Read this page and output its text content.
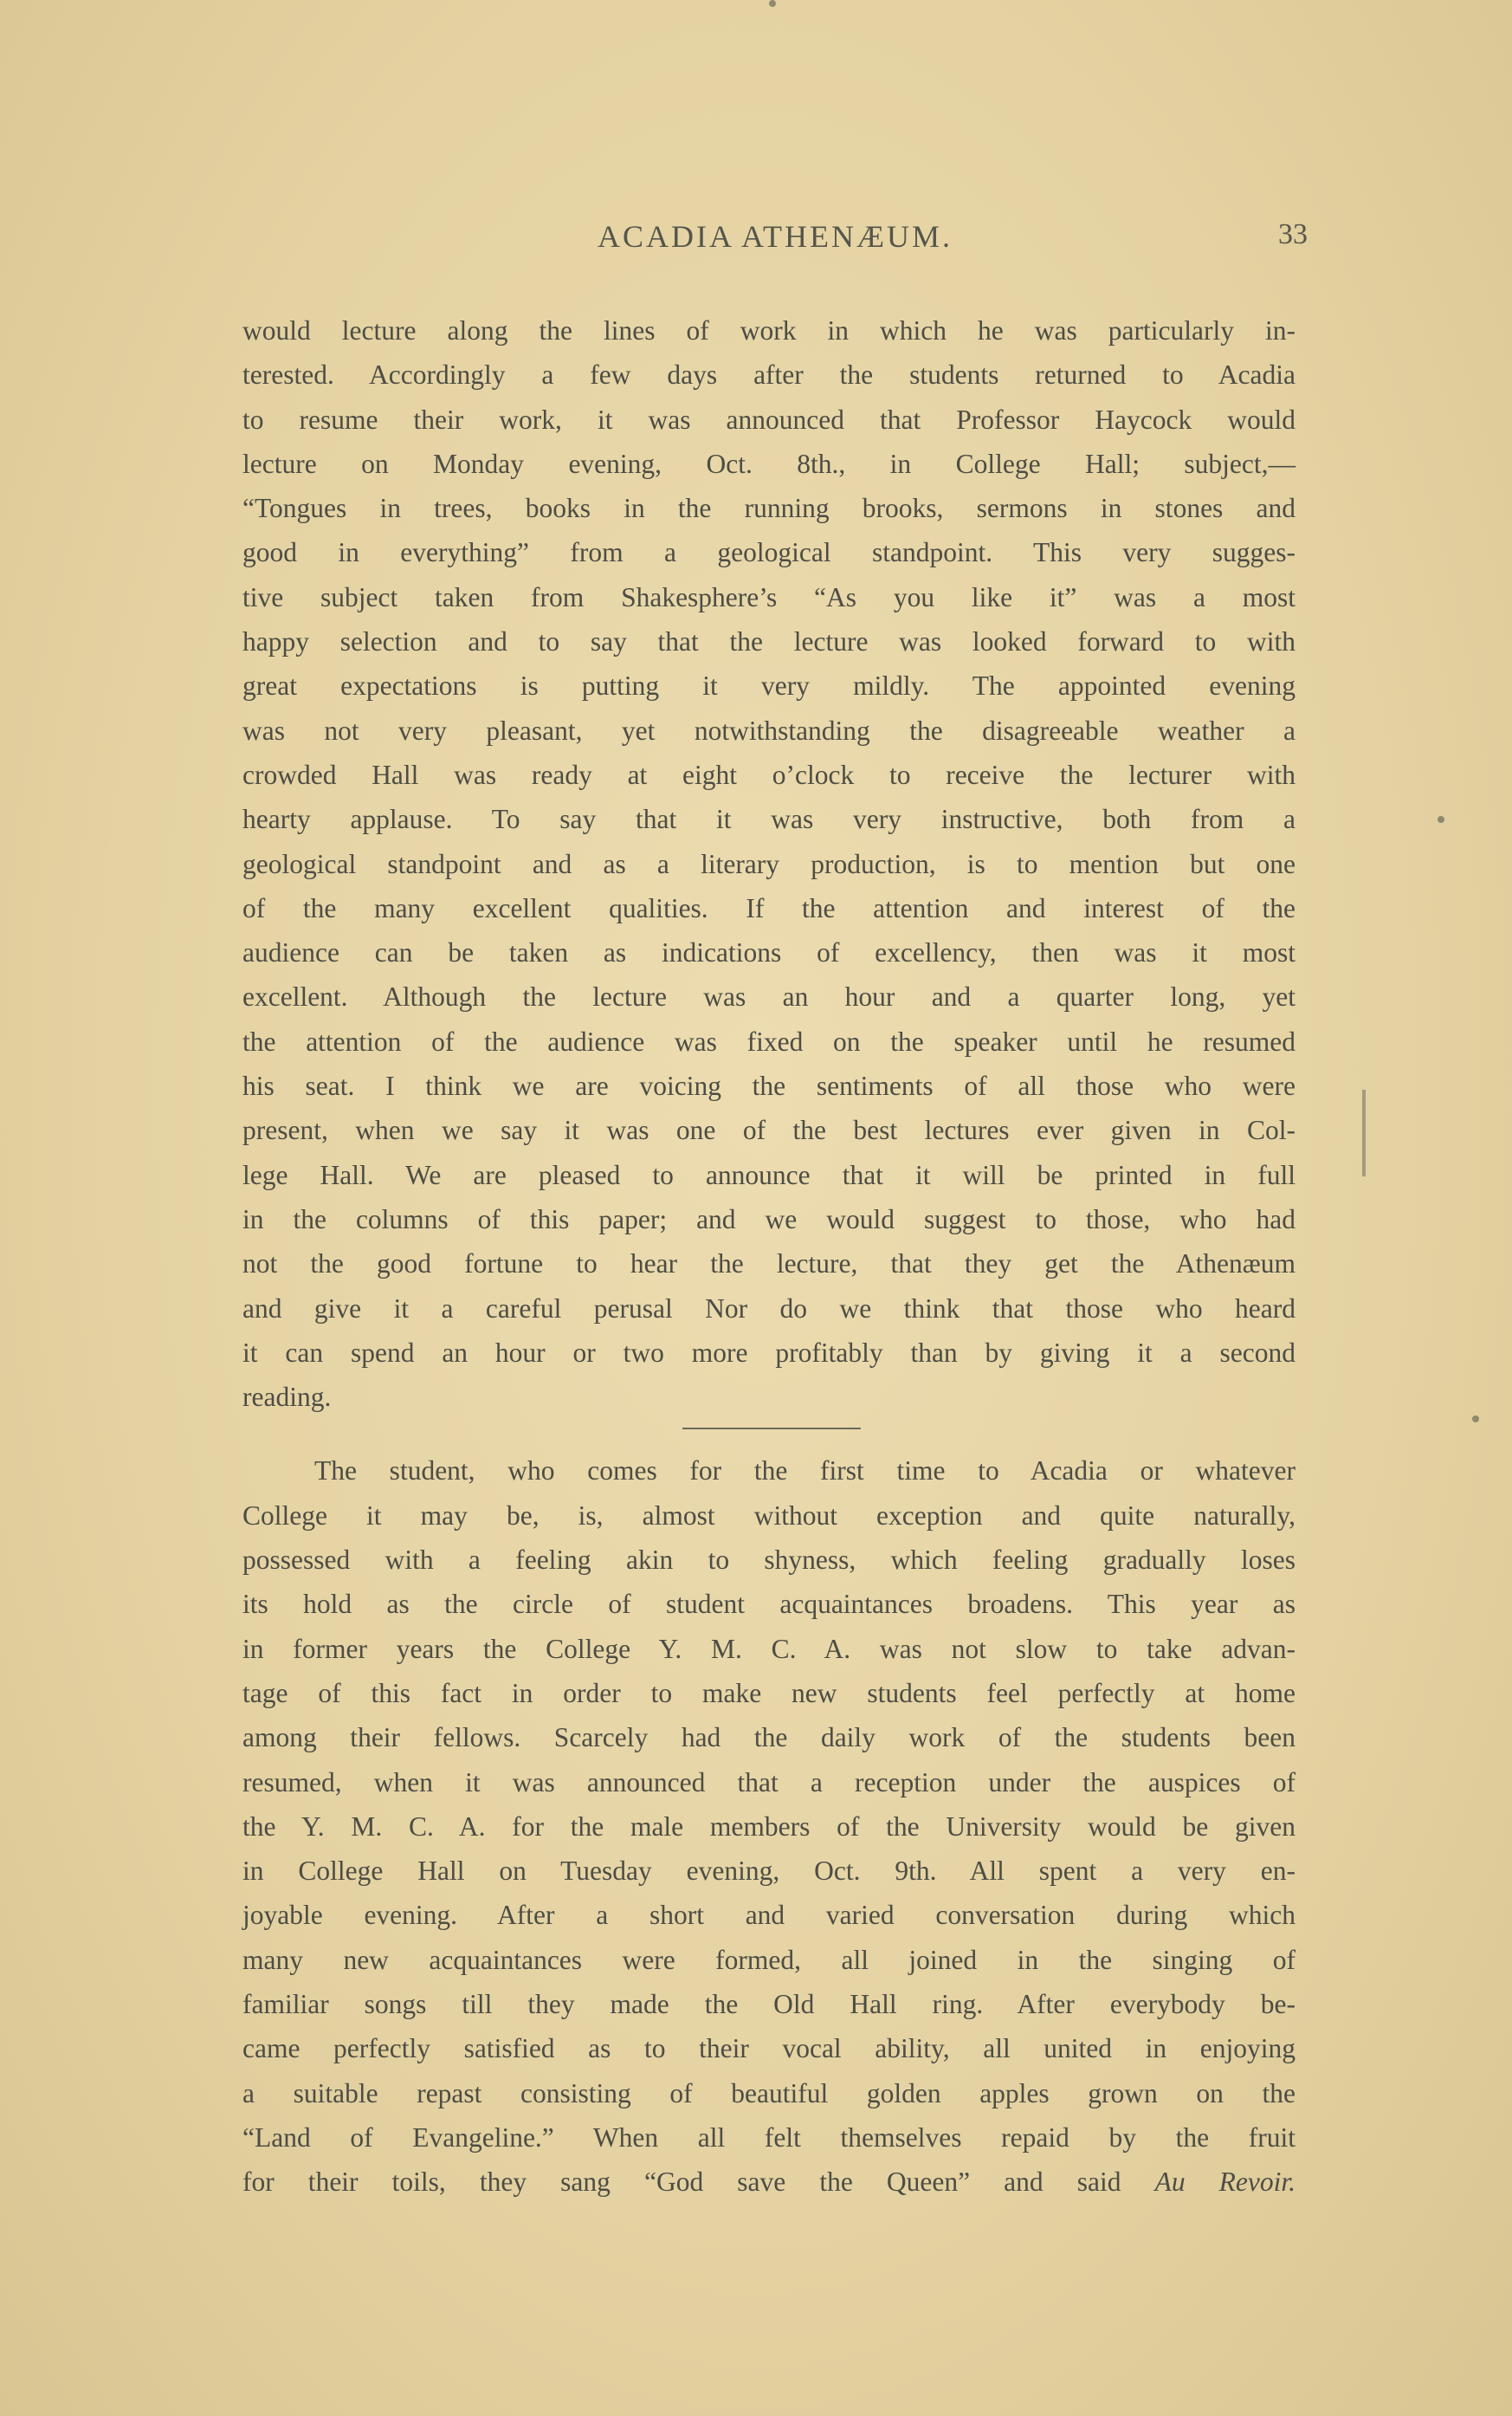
ACADIA ATHENÆUM.	33
would lecture along the lines of work in which he was particularly in-
terested. Accordingly a few days after the students returned to Acadia
to resume their work, it was announced that Professor Haycock would
lecture on Monday evening, Oct. 8th., in College Hall; subject,—
“Tongues in trees, books in the running brooks, sermons in stones and
good in everything” from a geological standpoint. This very sugges-
tive subject taken from Shakesphere’s “As you like it” was a most
happy selection and to say that the lecture was looked forward to with
great expectations is putting it very mildly. The appointed evening
was not very pleasant, yet notwithstanding the disagreeable weather a
crowded Hall was ready at eight o’clock to receive the lecturer with
hearty applause. To say that it was very instructive, both from a
geological standpoint and as a literary production, is to mention but one
of the many excellent qualities. If the attention and interest of the
audience can be taken as indications of excellency, then was it most
excellent. Although the lecture was an hour and a quarter long, yet
the attention of the audience was fixed on the speaker until he resumed
his seat. I think we are voicing the sentiments of all those who were
present, when we say it was one of the best lectures ever given in Col-
lege Hall. We are pleased to announce that it will be printed in full
in the columns of this paper; and we would suggest to those, who had
not the good fortune to hear the lecture, that they get the Athenæum
and give it a careful perusal Nor do we think that those who heard
it can spend an hour or two more profitably than by giving it a second
reading.
The student, who comes for the first time to Acadia or whatever
College it may be, is, almost without exception and quite naturally,
possessed with a feeling akin to shyness, which feeling gradually loses
its hold as the circle of student acquaintances broadens. This year as
in former years the College Y. M. C. A. was not slow to take advan-
tage of this fact in order to make new students feel perfectly at home
among their fellows. Scarcely had the daily work of the students been
resumed, when it was announced that a reception under the auspices of
the Y. M. C. A. for the male members of the University would be given
in College Hall on Tuesday evening, Oct. 9th. All spent a very en-
joyable evening. After a short and varied conversation during which
many new acquaintances were formed, all joined in the singing of
familiar songs till they made the Old Hall ring. After everybody be-
came perfectly satisfied as to their vocal ability, all united in enjoying
a suitable repast consisting of beautiful golden apples grown on the
“Land of Evangeline.” When all felt themselves repaid by the fruit
for their toils, they sang “God save the Queen” and said Au Revoir.
